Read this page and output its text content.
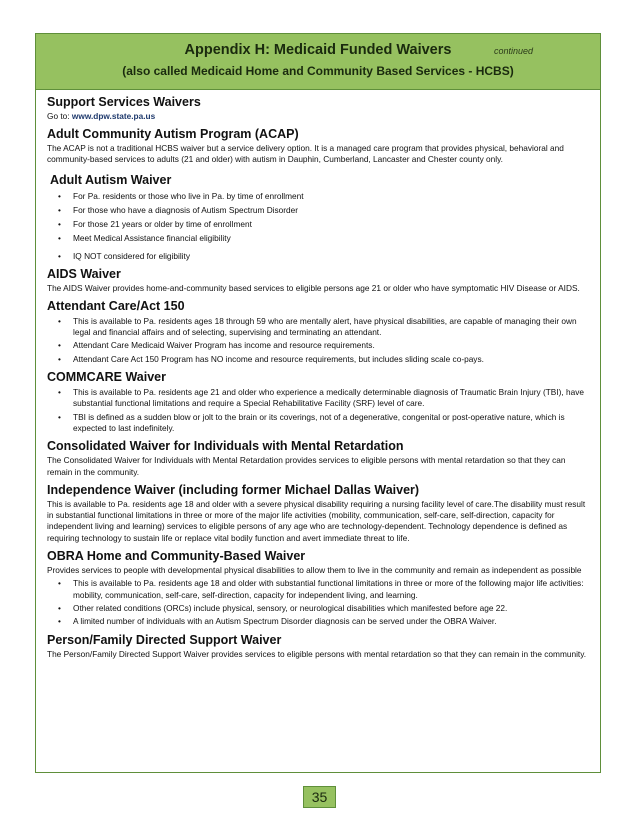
Appendix H: Medicaid Funded Waivers	continued
(also called Medicaid Home and Community Based Services - HCBS)
Support Services Waivers
Go to: www.dpw.state.pa.us
Adult Community Autism Program (ACAP)
The ACAP is not a traditional HCBS waiver but a service delivery option. It is a managed care program that provides physical, behavioral and community-based services to adults (21 and older) with autism in Dauphin, Cumberland, Lancaster and Chester county only.
Adult Autism Waiver
• For Pa. residents or those who live in Pa. by time of enrollment
• For those who have a diagnosis of Autism Spectrum Disorder
• For those 21 years or older by time of enrollment
• Meet Medical Assistance financial eligibility
• IQ NOT considered for eligibility
AIDS Waiver
The AIDS Waiver provides home-and-community based services to eligible persons age 21 or older who have symptomatic HIV Disease or AIDS.
Attendant Care/Act 150
• This is available to Pa. residents ages 18 through 59 who are mentally alert, have physical disabilities, are capable of managing their own legal and financial affairs and of selecting, supervising and terminating an attendant.
• Attendant Care Medicaid Waiver Program has income and resource requirements.
• Attendant Care Act 150 Program has NO income and resource requirements, but includes sliding scale co-pays.
COMMCARE Waiver
• This is available to Pa. residents age 21 and older who experience a medically determinable diagnosis of Traumatic Brain Injury (TBI), have substantial functional limitations and require a Special Rehabilitative Facility (SRF) level of care.
• TBI is defined as a sudden blow or jolt to the brain or its coverings, not of a degenerative, congenital or post-operative nature, which is expected to last indefinitely.
Consolidated Waiver for Individuals with Mental Retardation
The Consolidated Waiver for Individuals with Mental Retardation provides services to eligible persons with mental retardation so that they can remain in the community.
Independence Waiver (including former Michael Dallas Waiver)
This is available to Pa. residents age 18 and older with a severe physical disability requiring a nursing facility level of care.The disability must result in substantial functional limitations in three or more of the major life activities (mobility, communication, self-care, self-direction, capacity for independent living and learning) services to eligible persons of any age who are technology-dependent. Technology dependence is defined as requiring technology to sustain life or replace vital bodily function and avert immediate threat to life.
OBRA Home and Community-Based Waiver
Provides services to people with developmental physical disabilities to allow them to live in the community and remain as independent as possible
• This is available to Pa. residents age 18 and older with substantial functional limitations in three or more of the following major life activities: mobility, communication, self-care, self-direction, capacity for independent living, and learning.
• Other related conditions (ORCs) include physical, sensory, or neurological disabilities which manifested before age 22.
• A limited number of individuals with an Autism Spectrum Disorder diagnosis can be served under the OBRA Waiver.
Person/Family Directed Support Waiver
The Person/Family Directed Support Waiver provides services to eligible persons with mental retardation so that they can remain in the community.
35
